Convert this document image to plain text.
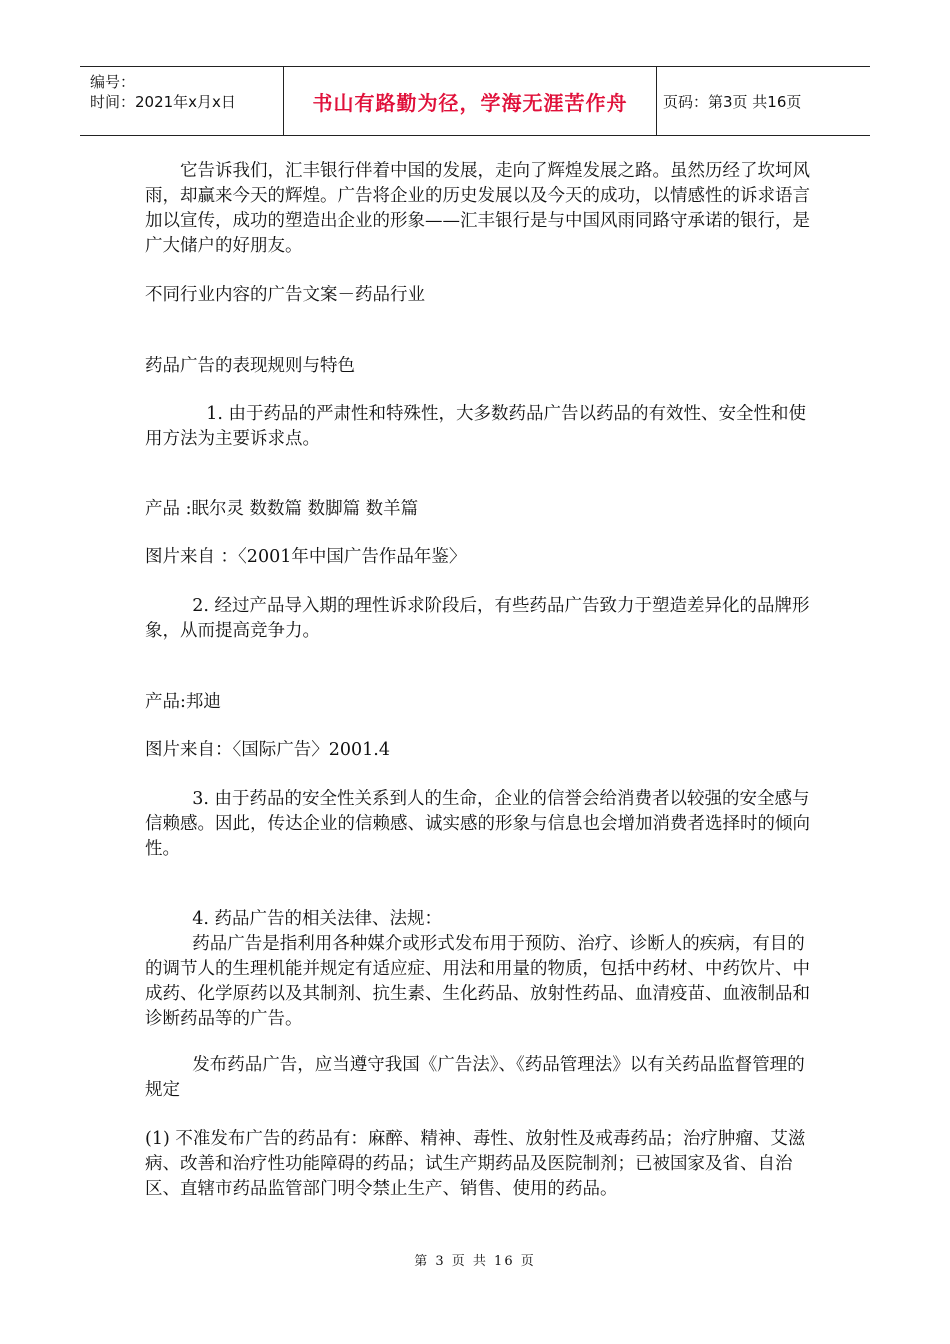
编号：
时间：2021年x月x日	书山有路勤为径，学海无涯苦作舟 页码：第3页 共16页

它告诉我们，汇丰银行伴着中国的发展，走向了辉煌发展之路。虽然历经了坎坷风雨，却赢来今天的辉煌。广告将企业的历史发展以及今天的成功，以情感性的诉求语言加以宣传，成功的塑造出企业的形象——汇丰银行是与中国风雨同路守承诺的银行，是广大储户的好朋友。

不同行业内容的广告文案－药品行业

药品广告的表现规则与特色

1. 由于药品的严肃性和特殊性，大多数药品广告以药品的有效性、安全性和使用方法为主要诉求点。

产品 :眠尔灵 数数篇 数脚篇 数羊篇

图片来自 ：〈2001年中国广告作品年鉴〉

2. 经过产品导入期的理性诉求阶段后，有些药品广告致力于塑造差异化的品牌形象，从而提高竞争力。

产品:邦迪

图片来自：〈国际广告〉2001.4

3. 由于药品的安全性关系到人的生命，企业的信誉会给消费者以较强的安全感与信赖感。因此，传达企业的信赖感、诚实感的形象与信息也会增加消费者选择时的倾向性。

4. 药品广告的相关法律、法规：

药品广告是指利用各种媒介或形式发布用于预防、治疗、诊断人的疾病，有目的的调节人的生理机能并规定有适应症、用法和用量的物质，包括中药材、中药饮片、中成药、化学原药以及其制剂、抗生素、生化药品、放射性药品、血清疫苗、血液制品和诊断药品等的广告。

发布药品广告，应当遵守我国《广告法》、《药品管理法》以有关药品监督管理的规定

(1) 不准发布广告的药品有：麻醉、精神、毒性、放射性及戒毒药品；治疗肿瘤、艾滋病、改善和治疗性功能障碍的药品；试生产期药品及医院制剂；已被国家及省、自治区、直辖市药品监管部门明令禁止生产、销售、使用的药品。

第 3 页 共 16 页
